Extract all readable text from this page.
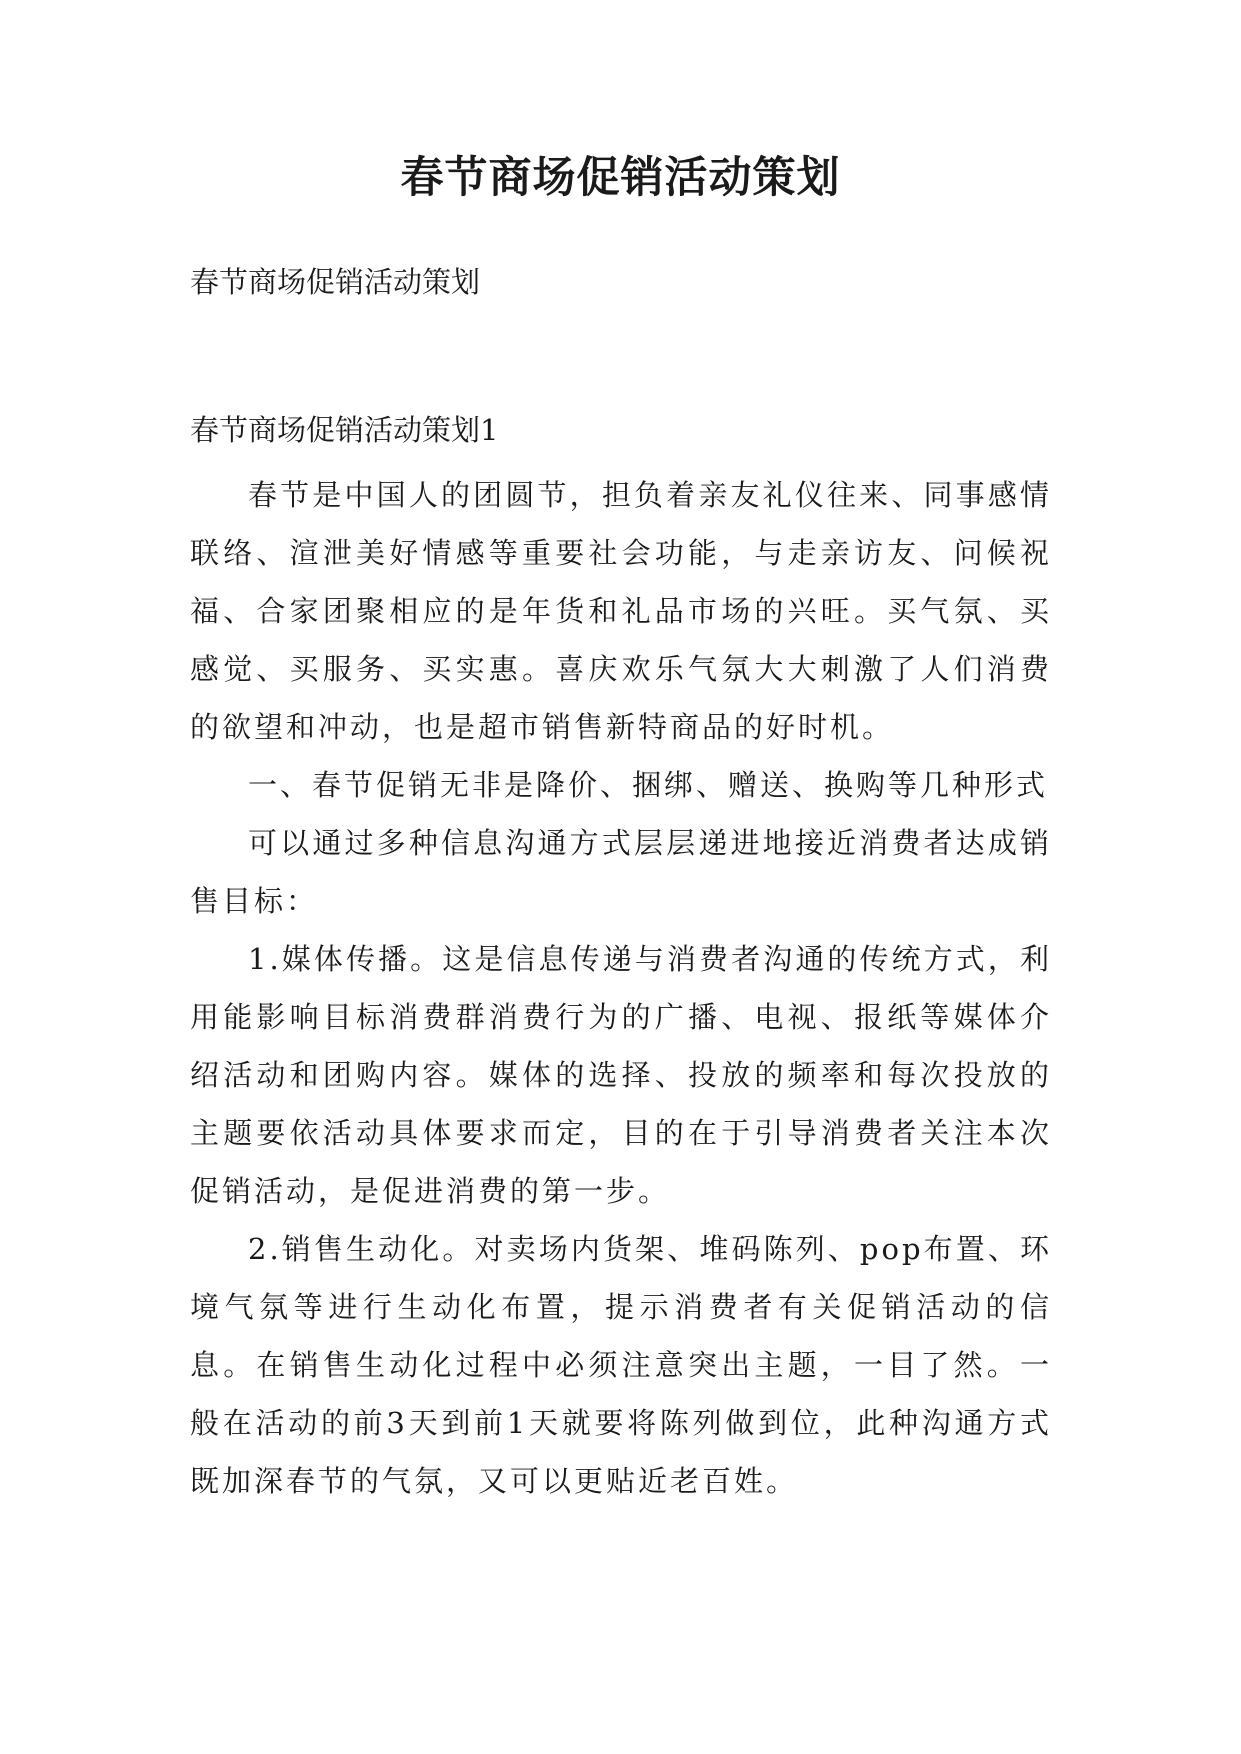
春节商场促销活动策划
春节商场促销活动策划
春节商场促销活动策划1

春节是中国人的团圆节，担负着亲友礼仪往来、同事感情联络、渲泄美好情感等重要社会功能，与走亲访友、问候祝福、合家团聚相应的是年货和礼品市场的兴旺。买气氛、买感觉、买服务、买实惠。喜庆欢乐气氛大大刺激了人们消费的欲望和冲动，也是超市销售新特商品的好时机。

一、春节促销无非是降价、捆绑、赠送、换购等几种形式

可以通过多种信息沟通方式层层递进地接近消费者达成销售目标：

1.媒体传播。这是信息传递与消费者沟通的传统方式，利用能影响目标消费群消费行为的广播、电视、报纸等媒体介绍活动和团购内容。媒体的选择、投放的频率和每次投放的主题要依活动具体要求而定，目的在于引导消费者关注本次促销活动，是促进消费的第一步。

2.销售生动化。对卖场内货架、堆码陈列、pop布置、环境气氛等进行生动化布置，提示消费者有关促销活动的信息。在销售生动化过程中必须注意突出主题，一目了然。一般在活动的前3天到前1天就要将陈列做到位，此种沟通方式既加深春节的气氛，又可以更贴近老百姓。
